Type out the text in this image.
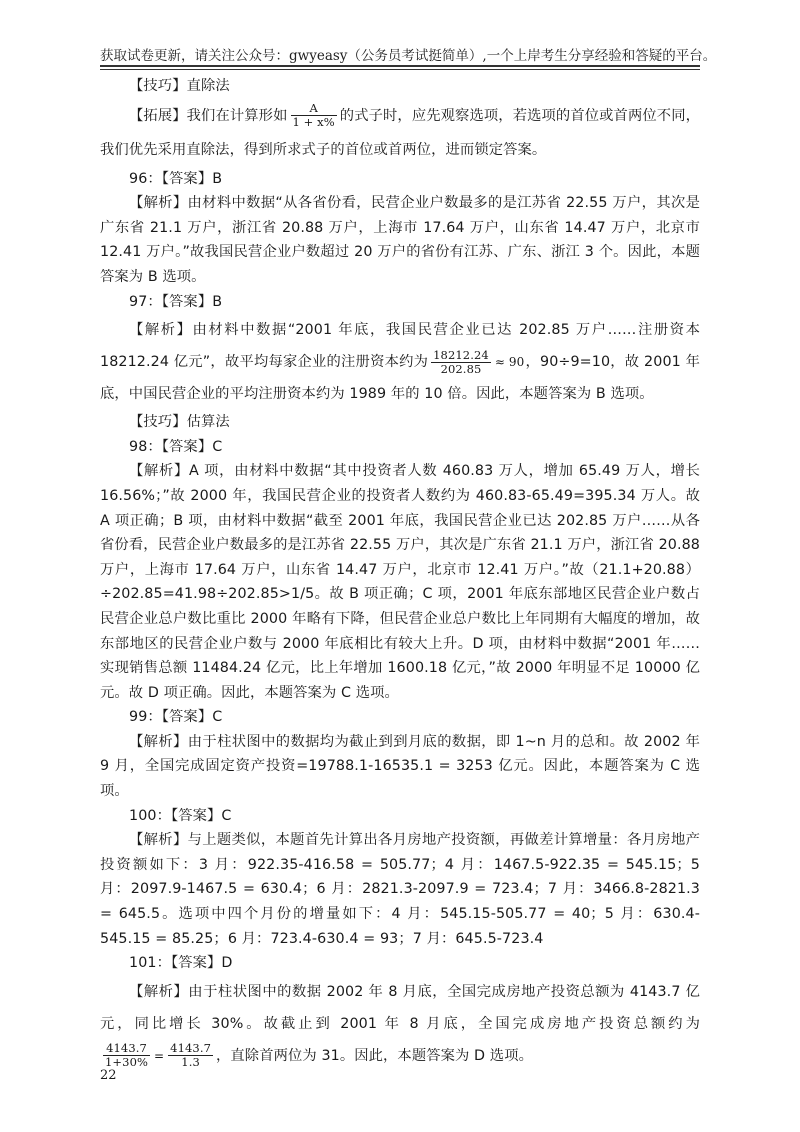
获取试卷更新，请关注公众号：gwyeasy（公务员考试挺简单）,一个上岸考生分享经验和答疑的平台。

【技巧】直除法

【拓展】我们在计算形如 $\frac{A}{1 + x\%}$ 的式子时，应先观察选项，若选项的首位或首两位不同，我们优先采用直除法，得到所求式子的首位或首两位，进而锁定答案。

96：【答案】B

【解析】由材料中数据“从各省份看，民营企业户数最多的是江苏省 22.55 万户，其次是广东省 21.1 万户，浙江省 20.88 万户，上海市 17.64 万户，山东省 14.47 万户，北京市 12.41 万户。”故我国民营企业户数超过 20 万户的省份有江苏、广东、浙江 3 个。因此，本题答案为 B 选项。

97：【答案】B

【解析】由材料中数据“2001 年底，我国民营企业已达 202.85 万户……注册资本 18212.24 亿元”，故平均每家企业的注册资本约为 $\frac{18212.24}{202.85} \approx 90$，90÷9=10，故 2001 年底，中国民营企业的平均注册资本约为 1989 年的 10 倍。因此，本题答案为 B 选项。

【技巧】估算法

98：【答案】C

【解析】A 项，由材料中数据“其中投资者人数 460.83 万人，增加 65.49 万人，增长 16.56%；”故 2000 年，我国民营企业的投资者人数约为 460.83-65.49=395.34 万人。故 A 项正确；B 项，由材料中数据“截至 2001 年底，我国民营企业已达 202.85 万户……从各省份看，民营企业户数最多的是江苏省 22.55 万户，其次是广东省 21.1 万户，浙江省 20.88 万户，上海市 17.64 万户，山东省 14.47 万户，北京市 12.41 万户。”故（21.1+20.88）÷202.85=41.98÷202.85>1/5。故 B 项正确；C 项，2001 年底东部地区民营企业户数占民营企业总户数比重比 2000 年略有下降，但民营企业总户数比上年同期有大幅度的增加，故东部地区的民营企业户数与 2000 年底相比有较大上升。D 项，由材料中数据“2001 年……实现销售总额 11484.24 亿元，比上年增加 1600.18 亿元，”故 2000 年明显不足 10000 亿元。故 D 项正确。因此，本题答案为 C 选项。

99：【答案】C

【解析】由于柱状图中的数据均为截止到到月底的数据，即 1~n 月的总和。故 2002 年 9 月，全国完成固定资产投资=19788.1-16535.1 = 3253 亿元。因此，本题答案为 C 选项。

100：【答案】C

【解析】与上题类似，本题首先计算出各月房地产投资额，再做差计算增量：各月房地产投资额如下：3 月：922.35-416.58 = 505.77；4 月：1467.5-922.35 = 545.15；5 月：2097.9-1467.5 = 630.4；6 月：2821.3-2097.9 = 723.4；7 月：3466.8-2821.3 = 645.5。选项中四个月份的增量如下：4 月：545.15-505.77 = 40；5 月：630.4-545.15 = 85.25；6 月：723.4-630.4 = 93；7 月：645.5-723.4

101：【答案】D

【解析】由于柱状图中的数据 2002 年 8 月底，全国完成房地产投资总额为 4143.7 亿元，同比增长 30%。故截止到 2001 年 8 月底，全国完成房地产投资总额约为
$\frac{4143.7}{1+30\%} = \frac{4143.7}{1.3}$ ，直除首两位为 31。因此，本题答案为 D 选项。

22
